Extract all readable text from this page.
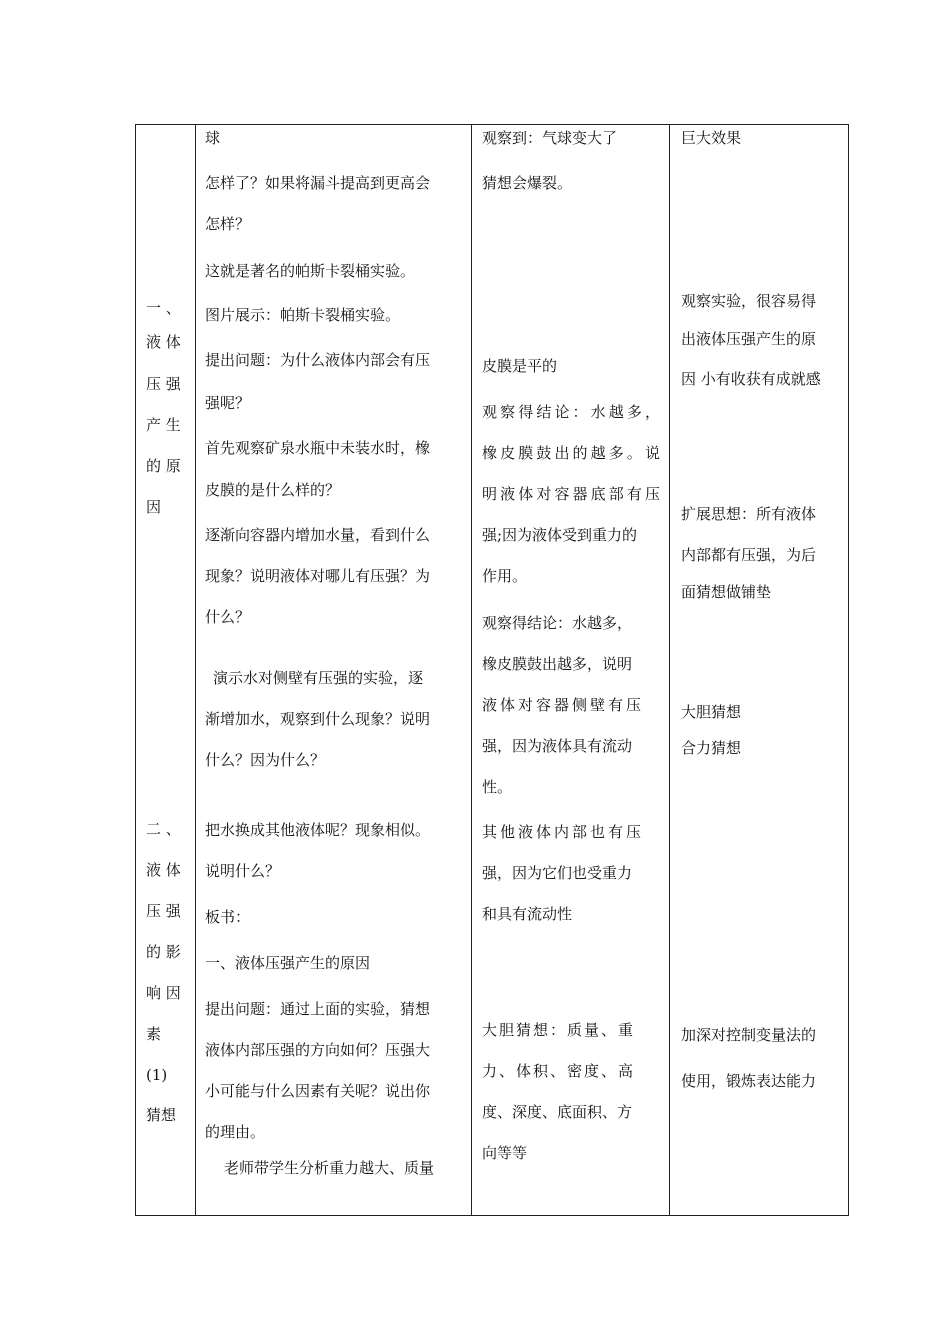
一 、
液 体
压 强
产 生
的 原
因
二 、
液 体
压 强
的 影
响 因
素
(1)
猜想
球
怎样了？如果将漏斗提高到更高会
怎样？
这就是著名的帕斯卡裂桶实验。
图片展示：帕斯卡裂桶实验。
提出问题：为什么液体内部会有压
强呢？
首先观察矿泉水瓶中未装水时，橡
皮膜的是什么样的？
逐渐向容器内增加水量，看到什么
现象？说明液体对哪儿有压强？为
什么？
演示水对侧壁有压强的实验，逐
渐增加水，观察到什么现象？说明
什么？因为什么？
把水换成其他液体呢？现象相似。
说明什么？
板书：
一、液体压强产生的原因
提出问题：通过上面的实验，猜想
液体内部压强的方向如何？压强大
小可能与什么因素有关呢？说出你
的理由。
老师带学生分析重力越大、质量
观察到：气球变大了
猜想会爆裂。
皮膜是平的
观 察 得 结 论 ： 水 越 多 ，
橡 皮 膜 鼓 出 的 越 多 。 说
明 液 体 对 容 器 底 部 有 压
强;因为液体受到重力的
作用。
观察得结论：水越多，
橡皮膜鼓出越多，说明
液体对容器侧壁有压
强，因为液体具有流动
性。
其他液体内部也有压
强，因为它们也受重力
和具有流动性
大胆猜想：质量、重
力、体积、密度、高
度、深度、底面积、方
向等等
巨大效果
观察实验，很容易得
出液体压强产生的原
因 小有收获有成就感
扩展思想：所有液体
内部都有压强，为后
面猜想做铺垫
大胆猜想
合力猜想
加深对控制变量法的
使用，锻炼表达能力
